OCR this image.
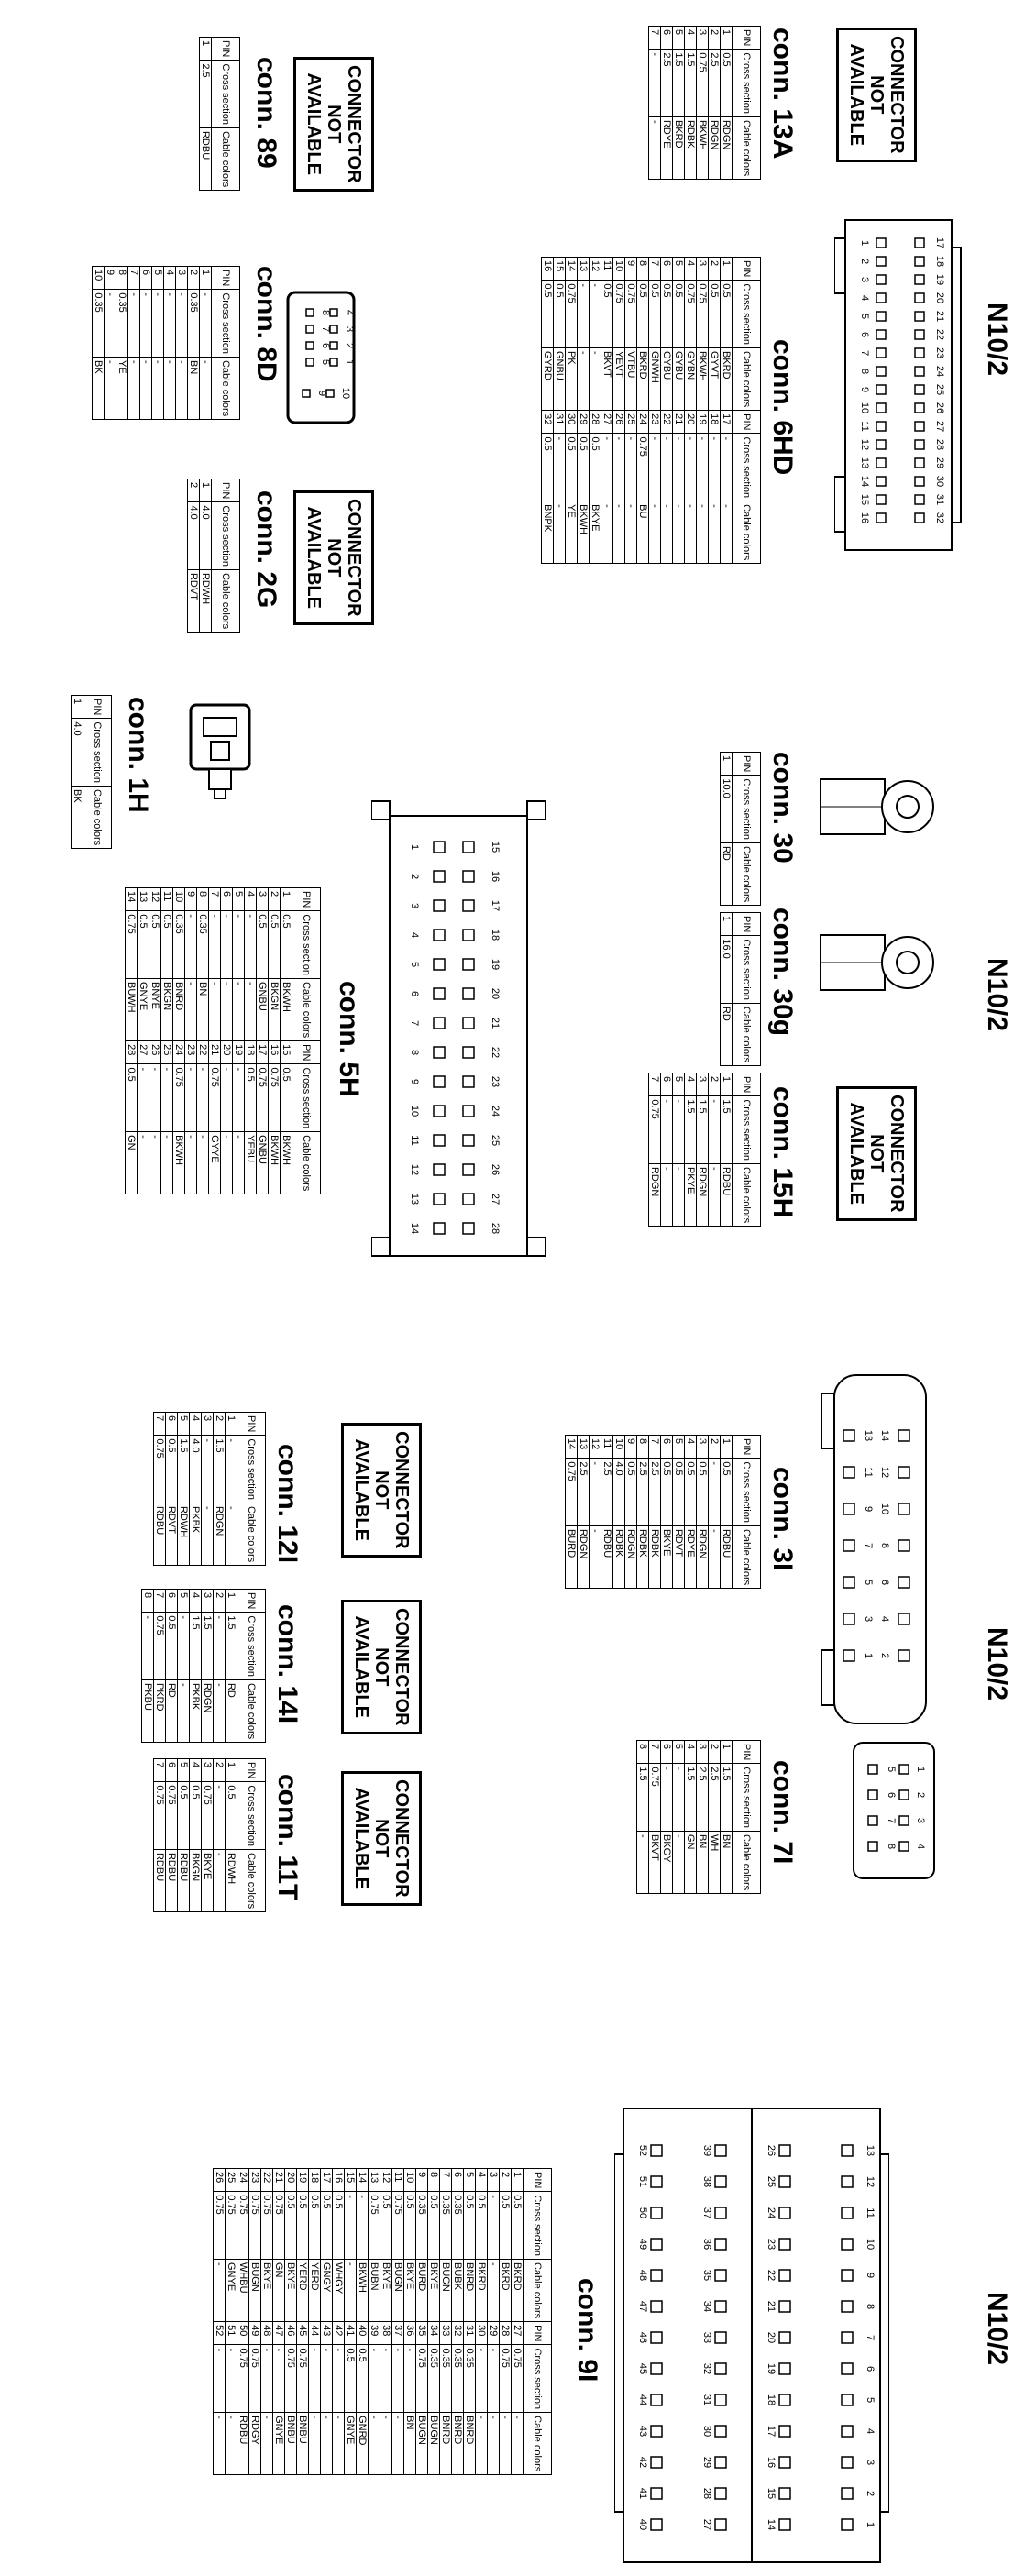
N10/2
N10/2
N10/2
N10/2
CONNECTOR
NOT
AVAILABLE
CONNECTOR
NOT
AVAILABLE
CONNECTOR
NOT
AVAILABLE
CONNECTOR
NOT
AVAILABLE
CONNECTOR
NOT
AVAILABLE
CONNECTOR
NOT
AVAILABLE
CONNECTOR
NOT
AVAILABLE
conn. 13A
conn. 6HD
conn. 89
conn. 8D
conn. 2G
conn. 1H	conn. 30
conn. 30g
conn. 15H
conn. 5H
conn. 3I
conn. 12I
conn. 14I
conn. 11T	conn. 7I
conn. 9I
PIN	Cross section	Cable colors
1	0.5	RDGN
2	2.5	RDGN
3	0.75	BKWH
4	1.5	RDBK
5	1.5	BKRD
6	2.5	RDYE
7	-	-
PIN	Cross section	Cable colors	PIN	Cross section	Cable colors
1	0.5	BKRD	17	-	-
2	0.5	GYVT	18	-	-
3	0.75	BKWH	19	-	-
4	0.75	GYBN	20	-	-
5	0.5	GYBU	21	-	-
6	0.5	GYBU	22	-	-
7	0.5	GNWH	23	-	-
8	0.5	BKRD	24	0.75	BU
9	0.75	VTBU	25	-	-
10	0.75	YEVT	26	-	-
11	0.5	BKVT	27	-	-
12	-	-	28	0.5	BKYE
13	-	-	29	0.5	BKWH
14	0.75	PK	30	0.5	YE
15	0.5	GNBU	31	-	-
16	0.5	GYRD	32	0.5	BNPK
PIN	Cross section	Cable colors
1	2.5	RDBU
PIN	Cross section	Cable colors
1	-	-
2	0.35	BN
3	-	-
4	-	-
5	-	-
6	-	-
7	-	-
8	0.35	YE
9	-	-
10	0.35	BK
PIN	Cross section	Cable colors
1	4.0	RDWH
2	4.0	RDVT
PIN	Cross section	Cable colors
1	4.0	BK
PIN	Cross section	Cable colors
1	10.0	RD
PIN	Cross section	Cable colors
1	16.0	RD
PIN	Cross section	Cable colors
1	1.5	RDBU
2	-	-
3	1.5	RDGN
4	1.5	PKYE
5	-	-
6	-	-
7	0.75	RDGN
PIN	Cross section	Cable colors	PIN	Cross section	Cable colors
1	0.5	BKWH	15	0.5	BKWH
2	0.5	BKGN	16	0.75	BKWH
3	0.5	GNBU	17	0.75	GNBU
4	-	-	18	0.5	YEBU
5	-	-	19	-	-
6	-	-	20	-	-
7	-	-	21	0.75	GYYE
8	0.35	BN	22	-	-
9	-	-	23	-	-
10	0.35	BNRD	24	0.75	BKWH
11	0.5	BKGN	25	-	-
12	0.5	BNYE	26	-	-
13	0.5	GNYE	27	-	-
14	0.75	BUWH	28	0.5	GN
PIN	Cross section	Cable colors
1	0.5	RDBU
2	-	-
3	0.5	RDGN
4	0.5	RDYE
5	0.5	RDVT
6	0.5	BKYE
7	2.5	RDBK
8	2.5	RDBK
9	0.5	RDGN
10	4.0	RDBK
11	2.5	RDBU
12	-	-
13	2.5	RDGN
14	0.75	BURD
PIN	Cross section	Cable colors
1	-	-
2	1.5	RDGN
3	-	-
4	4.0	PKBK
5	1.5	RDWH
6	0.5	RDVT
7	0.75	RDBU
PIN	Cross section	Cable colors
1	1.5	RD
2	-	-
3	1.5	RDGN
4	1.5	PKBK
5	-	-
6	0.5	RD
7	0.75	PKRD
8	-	PKBU
PIN	Cross section	Cable colors
1	0.5	RDWH
2	-	-
3	0.75	BKYE
4	0.5	BKGN
5	0.5	RDBU
6	0.75	RDBU
7	0.75	RDBU
PIN	Cross section	Cable colors
1	1.5	BN
2	2.5	WH
3	2.5	BN
4	1.5	GN
5	-	-
6	-	BKGY
7	0.75	BKVT
8	1.5	-
PIN	Cross section	Cable colors	PIN	Cross section	Cable colors
1	0.5	BKRD	27	0.75	-
2	0.5	BKRD	28	0.75	-
3	-	-	29	-	-
4	0.5	BKRD	30	-	-
5	0.5	BNRD	31	0.35	BNRD
6	0.35	BUBK	32	0.35	BNRD
7	0.35	BUGN	33	0.35	BNRD
8	0.5	BKYE	34	0.35	BUGN
9	0.35	BURD	35	0.75	BUGN
10	0.5	BKYE	36	-	BN
11	0.75	BUGN	37	-	-
12	0.5	BKYE	38	-	-
13	0.75	BUBN	39	-	-
14	-	BKWH	40	0.5	GNRD
15	-	-	41	0.5	GNYE
16	0.5	WHGY	42	-	-
17	0.5	GNGY	43	-	-
18	0.5	YERD	44	-	-
19	0.5	YERD	45	0.75	BNBU
20	0.5	BKYE	46	0.75	BNBU
21	0.75	GN	47	-	GNYE
22	0.75	BKYE	48	-	-
23	0.75	BUGN	49	0.75	RDGY
24	0.75	WHBU	50	0.75	RDBU
25	0.75	GNYE	51	-	-
26	0.75	-	52	-	-
17
1
18
2
19
3
20
4
21
5
22
6
23
7
24
8
25
9
26
10
27
11
28
12
29
13
30
14
31
15
32
16
4
3
2
1
8
7
6
5
10
9
15
1
16
2
17
3
18
4
19
5
20
6
21
7
22
8
23
9
24
10
25
11
26
12
27
13
28
14
14
13
12
11
10
9
8
7
6
5
4
3
2
1
5 1
6 2
7 3
8 4
13
26
39
52
12
25
38
51
11
24
37
50
10
23
36
49
9
22
35
48
8
21
34
47
7
20
33
46
6
19
32
45
5
18
31
44
4
17
30
43
3
16
29
42
2
15
28
41
1
14
27
40
